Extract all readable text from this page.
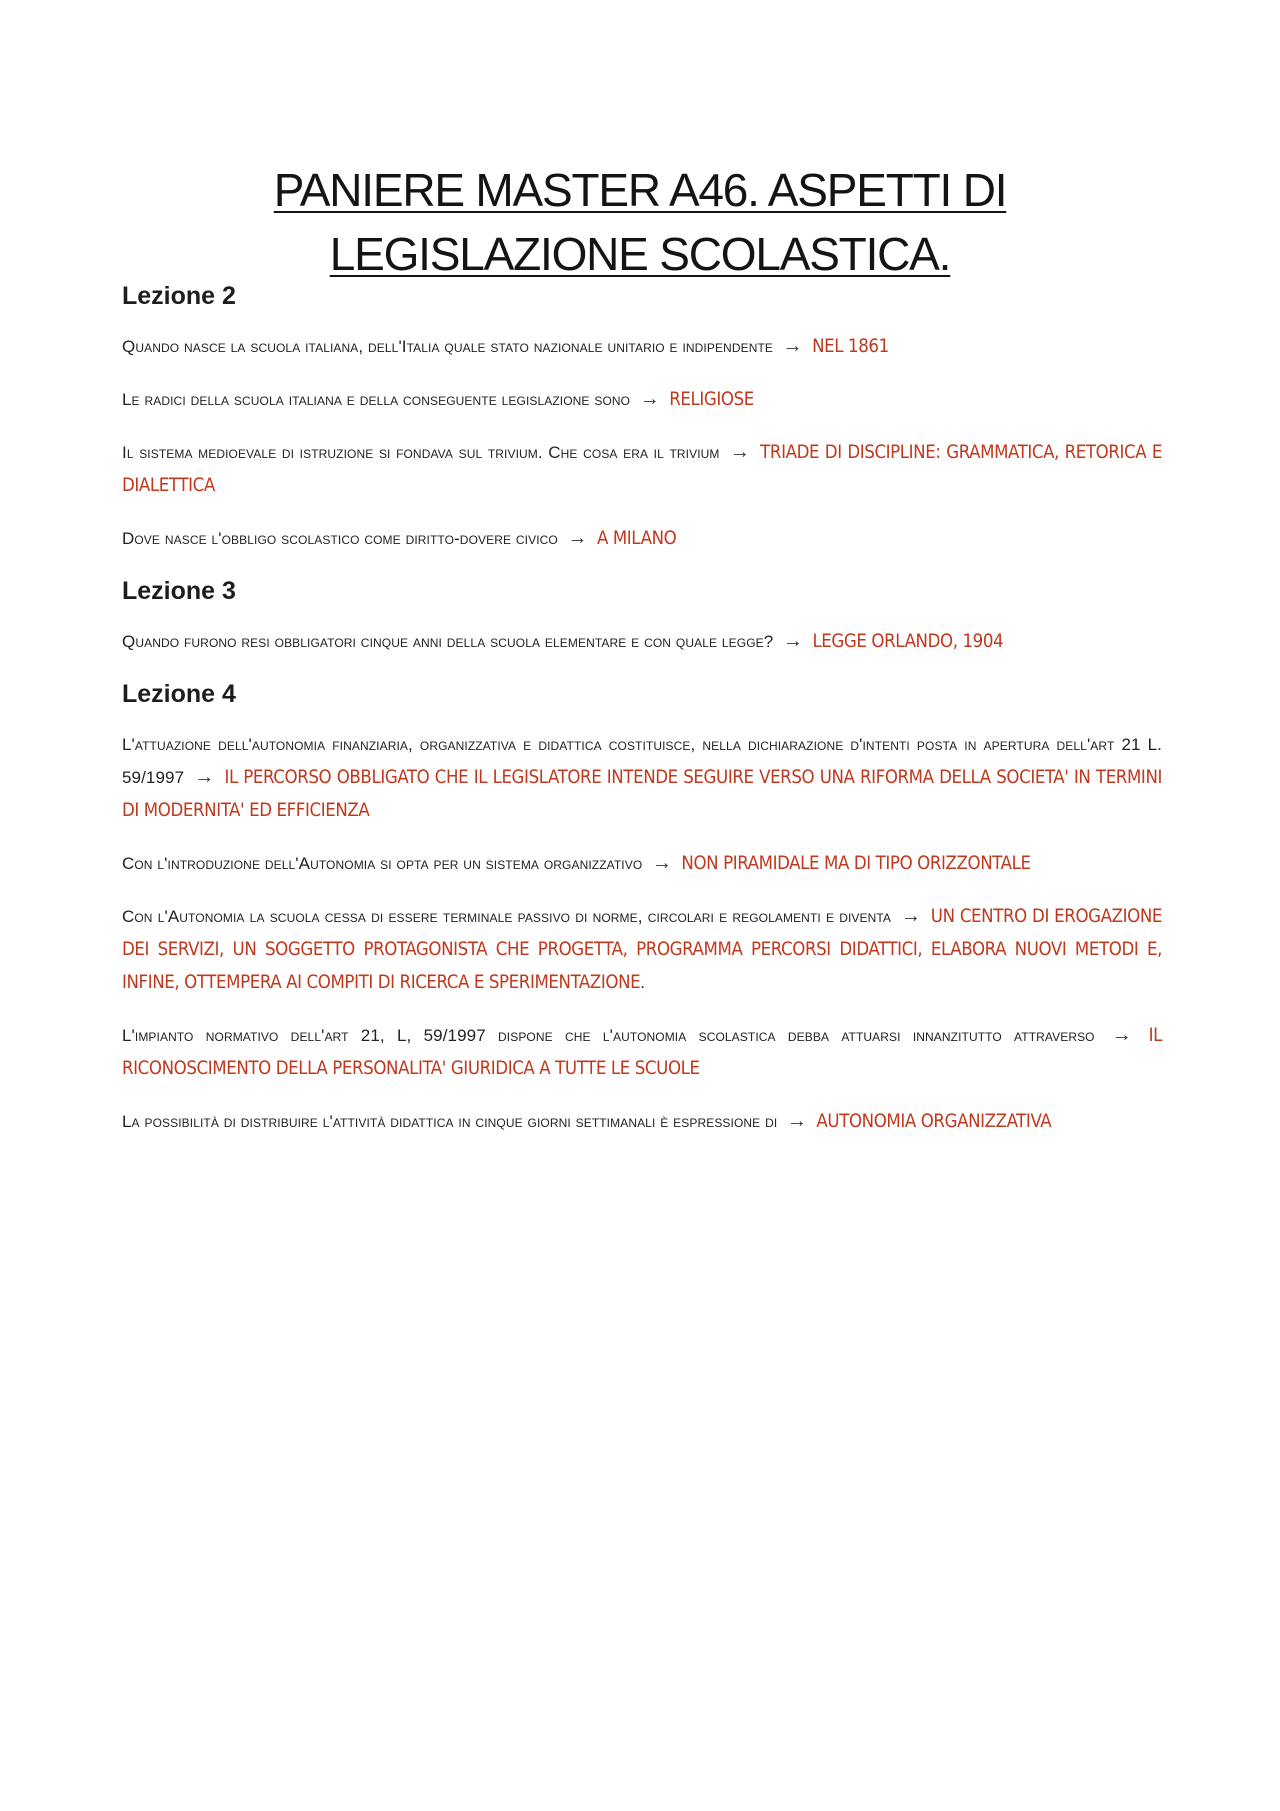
PANIERE MASTER A46. ASPETTI DI LEGISLAZIONE SCOLASTICA.
Lezione 2

Quando nasce la scuola italiana, dell'Italia quale stato nazionale unitario e indipendente → NEL 1861

Le radici della scuola italiana e della conseguente legislazione sono → RELIGIOSE

Il sistema medioevale di istruzione si fondava sul trivium. Che cosa era il trivium → TRIADE DI DISCIPLINE: GRAMMATICA, RETORICA E DIALETTICA

Dove nasce l'obbligo scolastico come diritto-dovere civico → A MILANO

Lezione 3

Quando furono resi obbligatori cinque anni della scuola elementare e con quale legge? → LEGGE ORLANDO, 1904

Lezione 4

L'attuazione dell'autonomia finanziaria, organizzativa e didattica costituisce, nella dichiarazione d'intenti posta in apertura dell'art 21 L. 59/1997 → IL PERCORSO OBBLIGATO CHE IL LEGISLATORE INTENDE SEGUIRE VERSO UNA RIFORMA DELLA SOCIETA' IN TERMINI DI MODERNITA' ED EFFICIENZA

Con l'introduzione dell'Autonomia si opta per un sistema organizzativo → NON PIRAMIDALE MA DI TIPO ORIZZONTALE

Con l'Autonomia la scuola cessa di essere terminale passivo di norme, circolari e regolamenti e diventa → UN CENTRO DI EROGAZIONE DEI SERVIZI, UN SOGGETTO PROTAGONISTA CHE PROGETTA, PROGRAMMA PERCORSI DIDATTICI, ELABORA NUOVI METODI E, INFINE, OTTEMPERA AI COMPITI DI RICERCA E SPERIMENTAZIONE.

L'impianto normativo dell'art 21, L, 59/1997 dispone che l'autonomia scolastica debba attuarsi innanzitutto attraverso → IL RICONOSCIMENTO DELLA PERSONALITA' GIURIDICA A TUTTE LE SCUOLE

La possibilità di distribuire l'attività didattica in cinque giorni settimanali è espressione di → AUTONOMIA ORGANIZZATIVA
